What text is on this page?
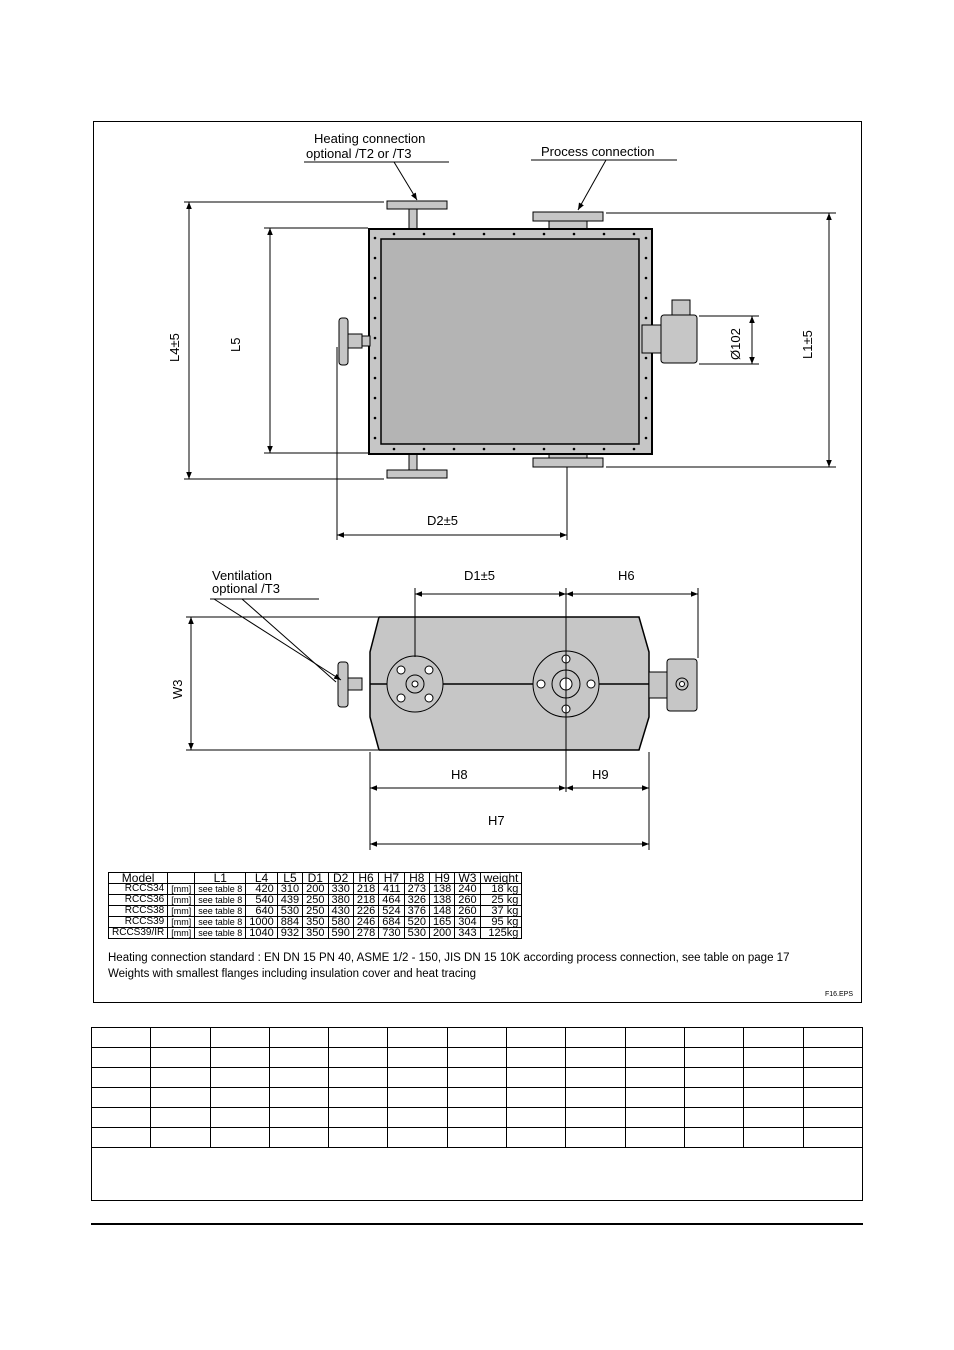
Heating connection
optional /T2 or /T3	Process connection
Ventilation
optional /T3
L4±5	L5	L1±5
Ø102
D2±5
D1±5	H6
W3
H8	H9
H7
Model		L1	L4	L5	D1	D2	H6	H7	H8	H9	W3	weight
RCCS34	[mm]	see table 8	420	310	200	330	218	411	273	138	240	18 kg
RCCS36	[mm]	see table 8	540	439	250	380	218	464	326	138	260	25 kg
RCCS38	[mm]	see table 8	640	530	250	430	226	524	376	148	260	37 kg
RCCS39	[mm]	see table 8	1000	884	350	580	246	684	520	165	304	95 kg
RCCS39/IR	[mm]	see table 8	1040	932	350	590	278	730	530	200	343	125kg
Heating connection standard : EN DN 15 PN 40, ASME 1/2 - 150, JIS DN 15 10K according process connection, see table on page 17
Weights with smallest flanges including insulation cover and heat tracing
F16.EPS
